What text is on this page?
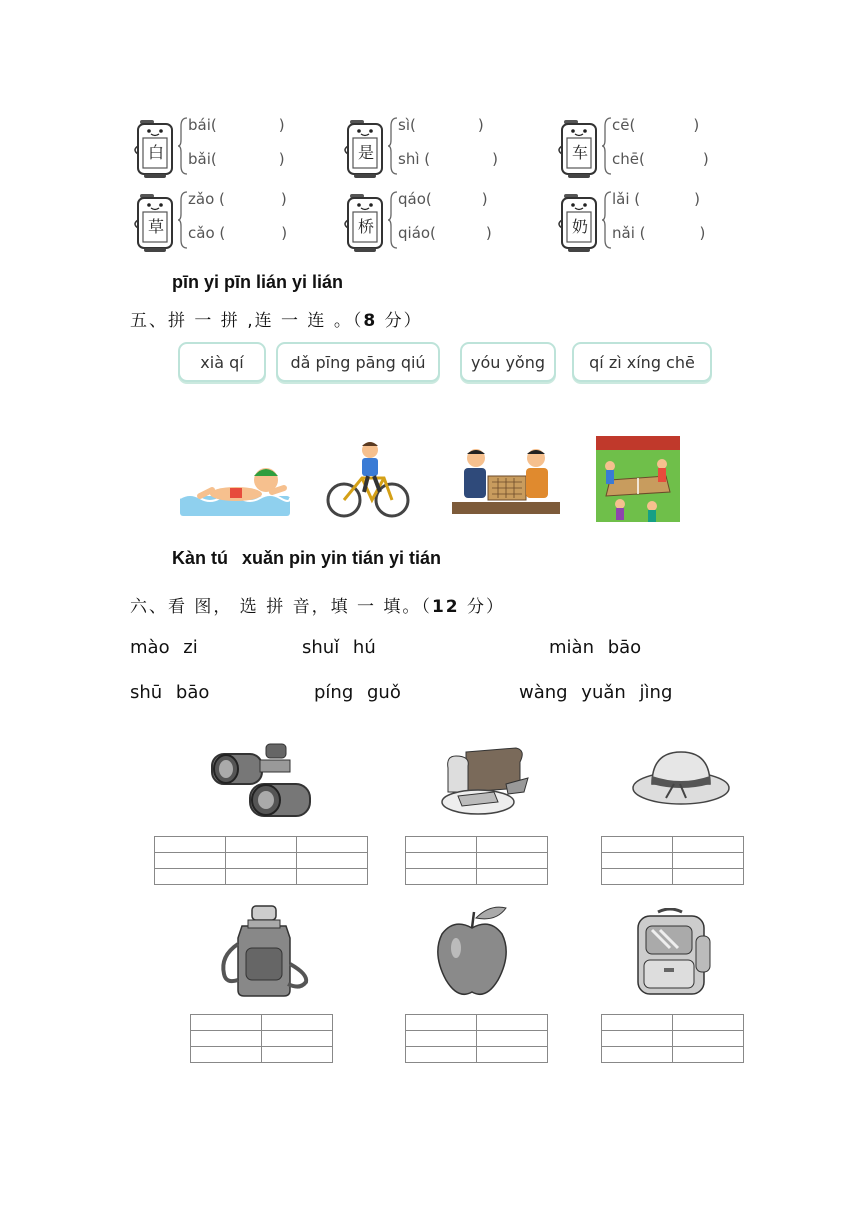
白
bái(	)
bǎi(	)	是
sì(	)
shì (	)	车
cē(	)
chē(	)
草
zǎo (	)
cǎo (	)	桥
qáo(	)
qiáo(	)	奶
lǎi (	)
nǎi (	)
pīn yi pīn lián yi lián
五、拼 一 拼 ,连 一 连 。（8 分）
xià qí	dǎ pīng pāng qiú	yóu yǒng	qí zì xíng chē
Kàn tú xuǎn pin yin tián yi tián
六、看 图， 选 拼 音，填 一 填。（12 分）
mào zi	shuǐ hú	miàn bāo
shū bāo	píng guǒ	wàng yuǎn jìng
